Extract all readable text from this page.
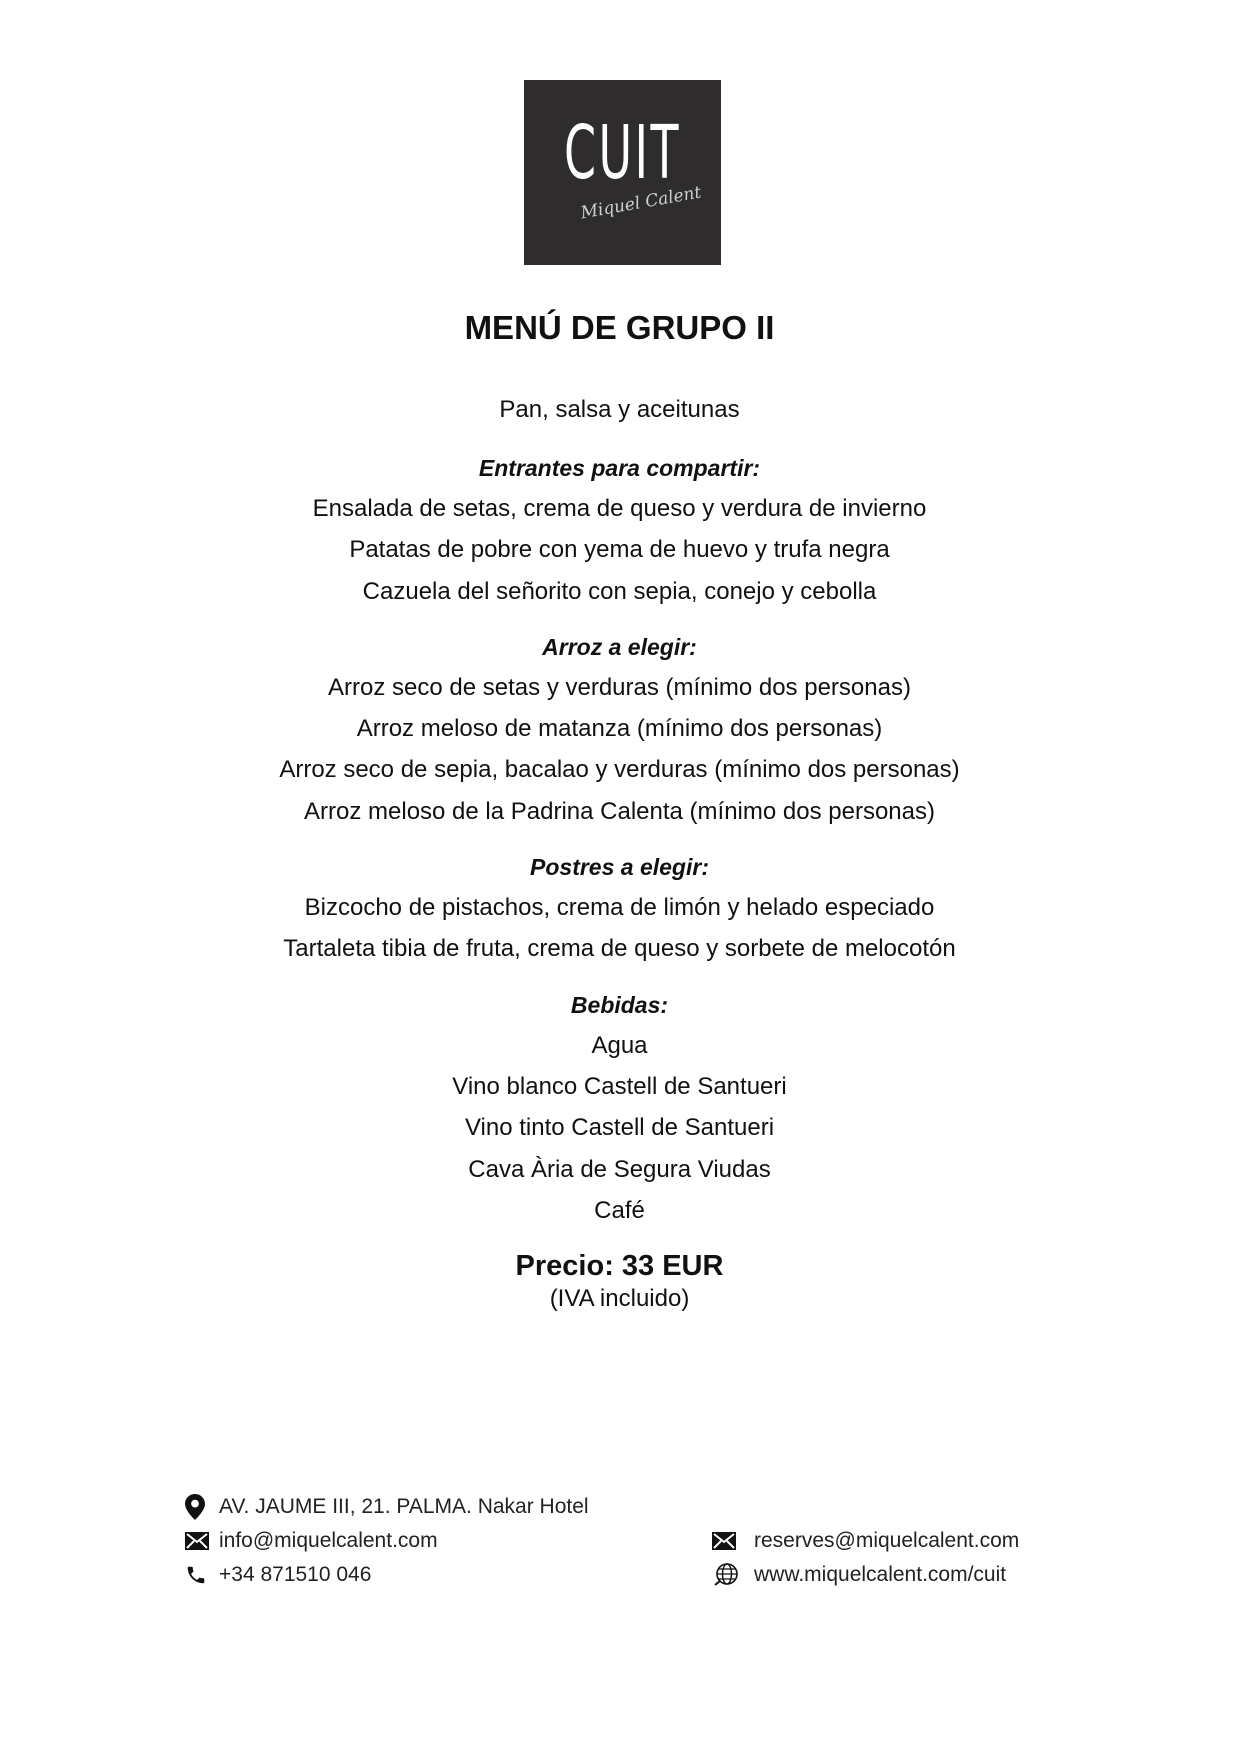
CUIT
Miquel Calent
MENÚ DE GRUPO II

Pan, salsa y aceitunas

Entrantes para compartir:

Ensalada de setas, crema de queso y verdura de invierno

Patatas de pobre con yema de huevo y trufa negra

Cazuela del señorito con sepia, conejo y cebolla

Arroz a elegir:

Arroz seco de setas y verduras (mínimo dos personas)

Arroz meloso de matanza (mínimo dos personas)

Arroz seco de sepia, bacalao y verduras (mínimo dos personas)

Arroz meloso de la Padrina Calenta (mínimo dos personas)

Postres a elegir:

Bizcocho de pistachos, crema de limón y helado especiado

Tartaleta tibia de fruta, crema de queso y sorbete de melocotón

Bebidas:

Agua

Vino blanco Castell de Santueri

Vino tinto Castell de Santueri

Cava Ària de Segura Viudas

Café

Precio: 33 EUR
(IVA incluido)
AV. JAUME III, 21. PALMA. Nakar Hotel
info@miquelcalent.com
+34 871510 046
reserves@miquelcalent.com
www.miquelcalent.com/cuit
